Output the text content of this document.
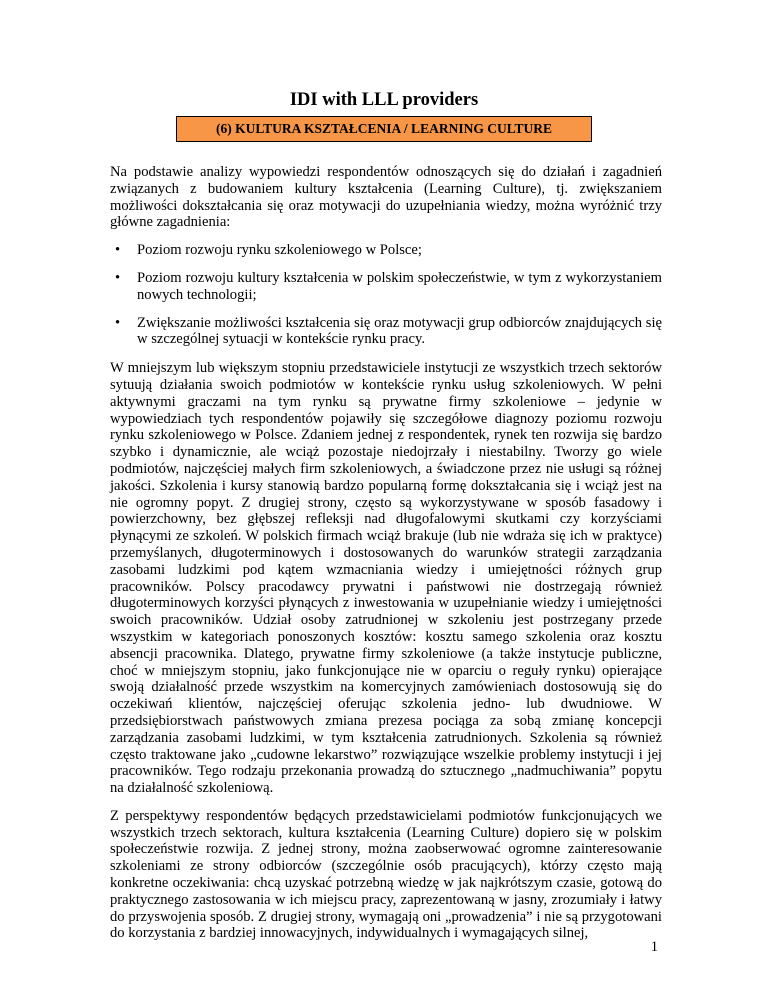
IDI with LLL providers
(6) KULTURA KSZTAŁCENIA / LEARNING CULTURE

Na podstawie analizy wypowiedzi respondentów odnoszących się do działań i zagadnień związanych z budowaniem kultury kształcenia (Learning Culture), tj. zwiększaniem możliwości dokształcania się oraz motywacji do uzupełniania wiedzy, można wyróżnić trzy główne zagadnienia:

• Poziom rozwoju rynku szkoleniowego w Polsce;
• Poziom rozwoju kultury kształcenia w polskim społeczeństwie, w tym z wykorzystaniem nowych technologii;
• Zwiększanie możliwości kształcenia się oraz motywacji grup odbiorców znajdujących się w szczególnej sytuacji w kontekście rynku pracy.

W mniejszym lub większym stopniu przedstawiciele instytucji ze wszystkich trzech sektorów sytuują działania swoich podmiotów w kontekście rynku usług szkoleniowych. W pełni aktywnymi graczami na tym rynku są prywatne firmy szkoleniowe – jedynie w wypowiedziach tych respondentów pojawiły się szczegółowe diagnozy poziomu rozwoju rynku szkoleniowego w Polsce. Zdaniem jednej z respondentek, rynek ten rozwija się bardzo szybko i dynamicznie, ale wciąż pozostaje niedojrzały i niestabilny. Tworzy go wiele podmiotów, najczęściej małych firm szkoleniowych, a świadczone przez nie usługi są różnej jakości. Szkolenia i kursy stanowią bardzo popularną formę dokształcania się i wciąż jest na nie ogromny popyt. Z drugiej strony, często są wykorzystywane w sposób fasadowy i powierzchowny, bez głębszej refleksji nad długofalowymi skutkami czy korzyściami płynącymi ze szkoleń. W polskich firmach wciąż brakuje (lub nie wdraża się ich w praktyce) przemyślanych, długoterminowych i dostosowanych do warunków strategii zarządzania zasobami ludzkimi pod kątem wzmacniania wiedzy i umiejętności różnych grup pracowników. Polscy pracodawcy prywatni i państwowi nie dostrzegają również długoterminowych korzyści płynących z inwestowania w uzupełnianie wiedzy i umiejętności swoich pracowników. Udział osoby zatrudnionej w szkoleniu jest postrzegany przede wszystkim w kategoriach ponoszonych kosztów: kosztu samego szkolenia oraz kosztu absencji pracownika. Dlatego, prywatne firmy szkoleniowe (a także instytucje publiczne, choć w mniejszym stopniu, jako funkcjonujące nie w oparciu o reguły rynku) opierające swoją działalność przede wszystkim na komercyjnych zamówieniach dostosowują się do oczekiwań klientów, najczęściej oferując szkolenia jedno- lub dwudniowe. W przedsiębiorstwach państwowych zmiana prezesa pociąga za sobą zmianę koncepcji zarządzania zasobami ludzkimi, w tym kształcenia zatrudnionych. Szkolenia są również często traktowane jako „cudowne lekarstwo” rozwiązujące wszelkie problemy instytucji i jej pracowników. Tego rodzaju przekonania prowadzą do sztucznego „nadmuchiwania” popytu na działalność szkoleniową.

Z perspektywy respondentów będących przedstawicielami podmiotów funkcjonujących we wszystkich trzech sektorach, kultura kształcenia (Learning Culture) dopiero się w polskim społeczeństwie rozwija. Z jednej strony, można zaobserwować ogromne zainteresowanie szkoleniami ze strony odbiorców (szczególnie osób pracujących), którzy często mają konkretne oczekiwania: chcą uzyskać potrzebną wiedzę w jak najkrótszym czasie, gotową do praktycznego zastosowania w ich miejscu pracy, zaprezentowaną w jasny, zrozumiały i łatwy do przyswojenia sposób. Z drugiej strony, wymagają oni „prowadzenia” i nie są przygotowani do korzystania z bardziej innowacyjnych, indywidualnych i wymagających silnej,

1
